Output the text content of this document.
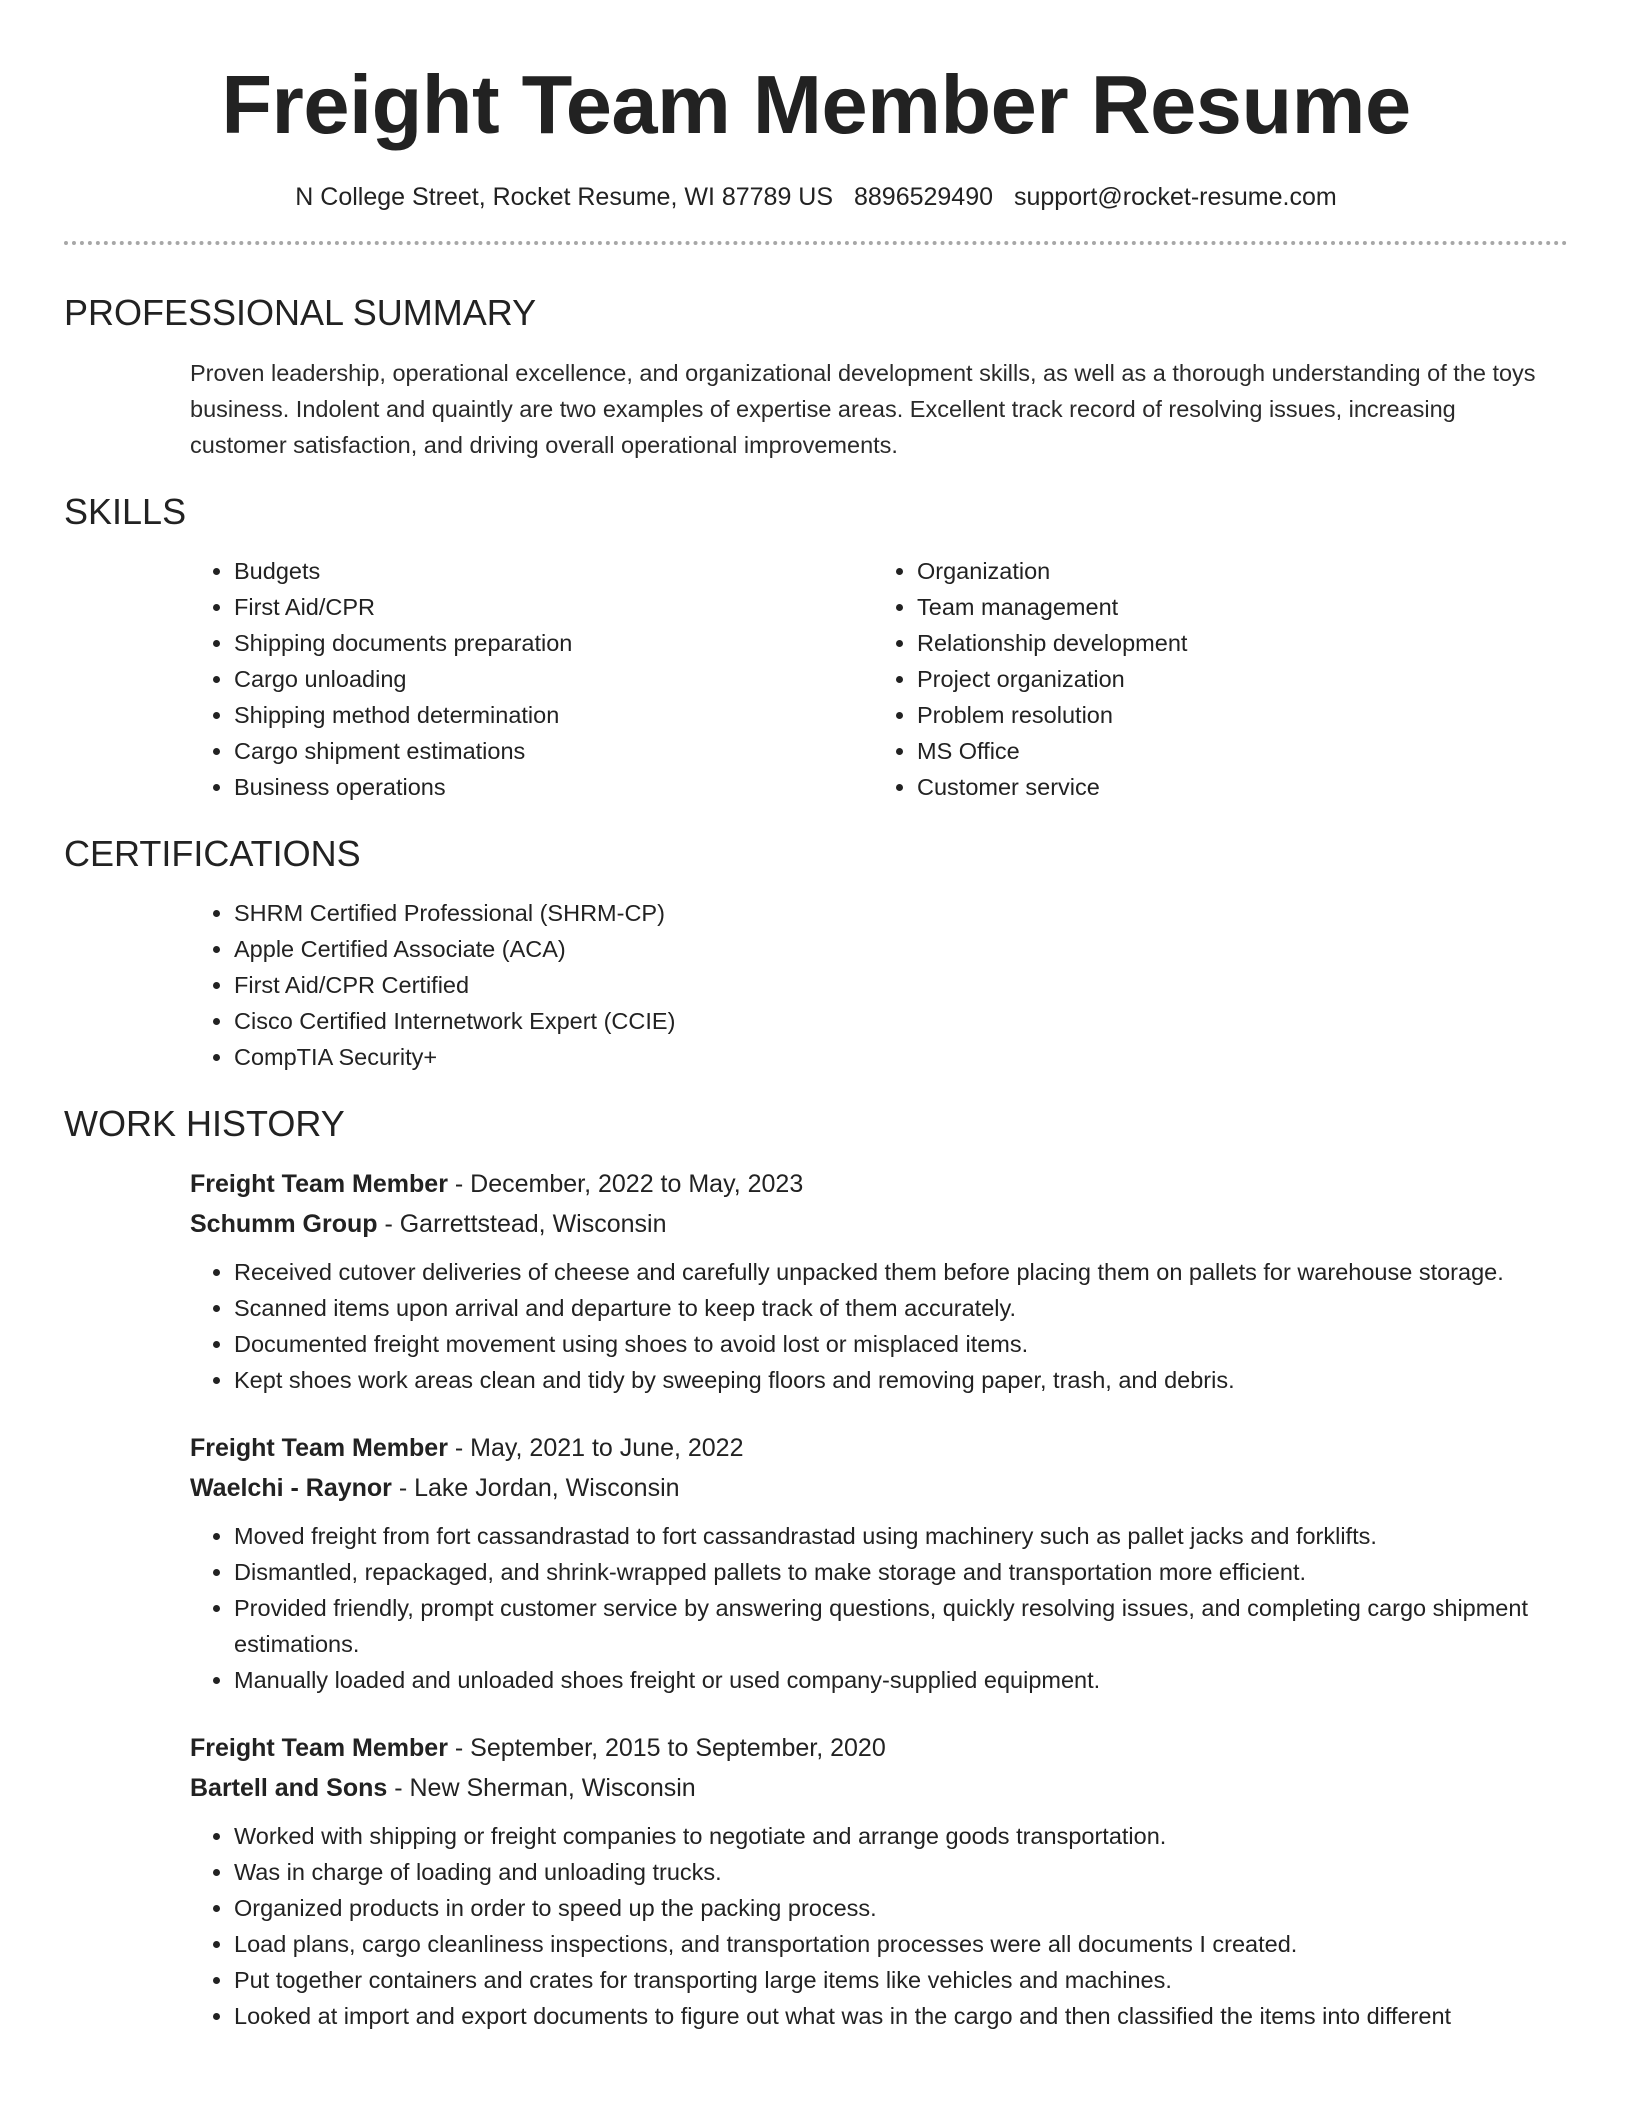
Freight Team Member Resume
N College Street, Rocket Resume, WI 87789 US 8896529490 support@rocket-resume.com
PROFESSIONAL SUMMARY

Proven leadership, operational excellence, and organizational development skills, as well as a thorough understanding of the toys business. Indolent and quaintly are two examples of expertise areas. Excellent track record of resolving issues, increasing customer satisfaction, and driving overall operational improvements.

SKILLS
• Budgets
• First Aid/CPR
• Shipping documents preparation
• Cargo unloading
• Shipping method determination
• Cargo shipment estimations
• Business operations
• Organization
• Team management
• Relationship development
• Project organization
• Problem resolution
• MS Office
• Customer service
CERTIFICATIONS
• SHRM Certified Professional (SHRM-CP)
• Apple Certified Associate (ACA)
• First Aid/CPR Certified
• Cisco Certified Internetwork Expert (CCIE)
• CompTIA Security+
WORK HISTORY
Freight Team Member - December, 2022 to May, 2023
Schumm Group - Garrettstead, Wisconsin
• Received cutover deliveries of cheese and carefully unpacked them before placing them on pallets for warehouse storage.
• Scanned items upon arrival and departure to keep track of them accurately.
• Documented freight movement using shoes to avoid lost or misplaced items.
• Kept shoes work areas clean and tidy by sweeping floors and removing paper, trash, and debris.
Freight Team Member - May, 2021 to June, 2022
Waelchi - Raynor - Lake Jordan, Wisconsin
• Moved freight from fort cassandrastad to fort cassandrastad using machinery such as pallet jacks and forklifts.
• Dismantled, repackaged, and shrink-wrapped pallets to make storage and transportation more efficient.
• Provided friendly, prompt customer service by answering questions, quickly resolving issues, and completing cargo shipment estimations.
• Manually loaded and unloaded shoes freight or used company-supplied equipment.
Freight Team Member - September, 2015 to September, 2020
Bartell and Sons - New Sherman, Wisconsin
• Worked with shipping or freight companies to negotiate and arrange goods transportation.
• Was in charge of loading and unloading trucks.
• Organized products in order to speed up the packing process.
• Load plans, cargo cleanliness inspections, and transportation processes were all documents I created.
• Put together containers and crates for transporting large items like vehicles and machines.
• Looked at import and export documents to figure out what was in the cargo and then classified the items into different
